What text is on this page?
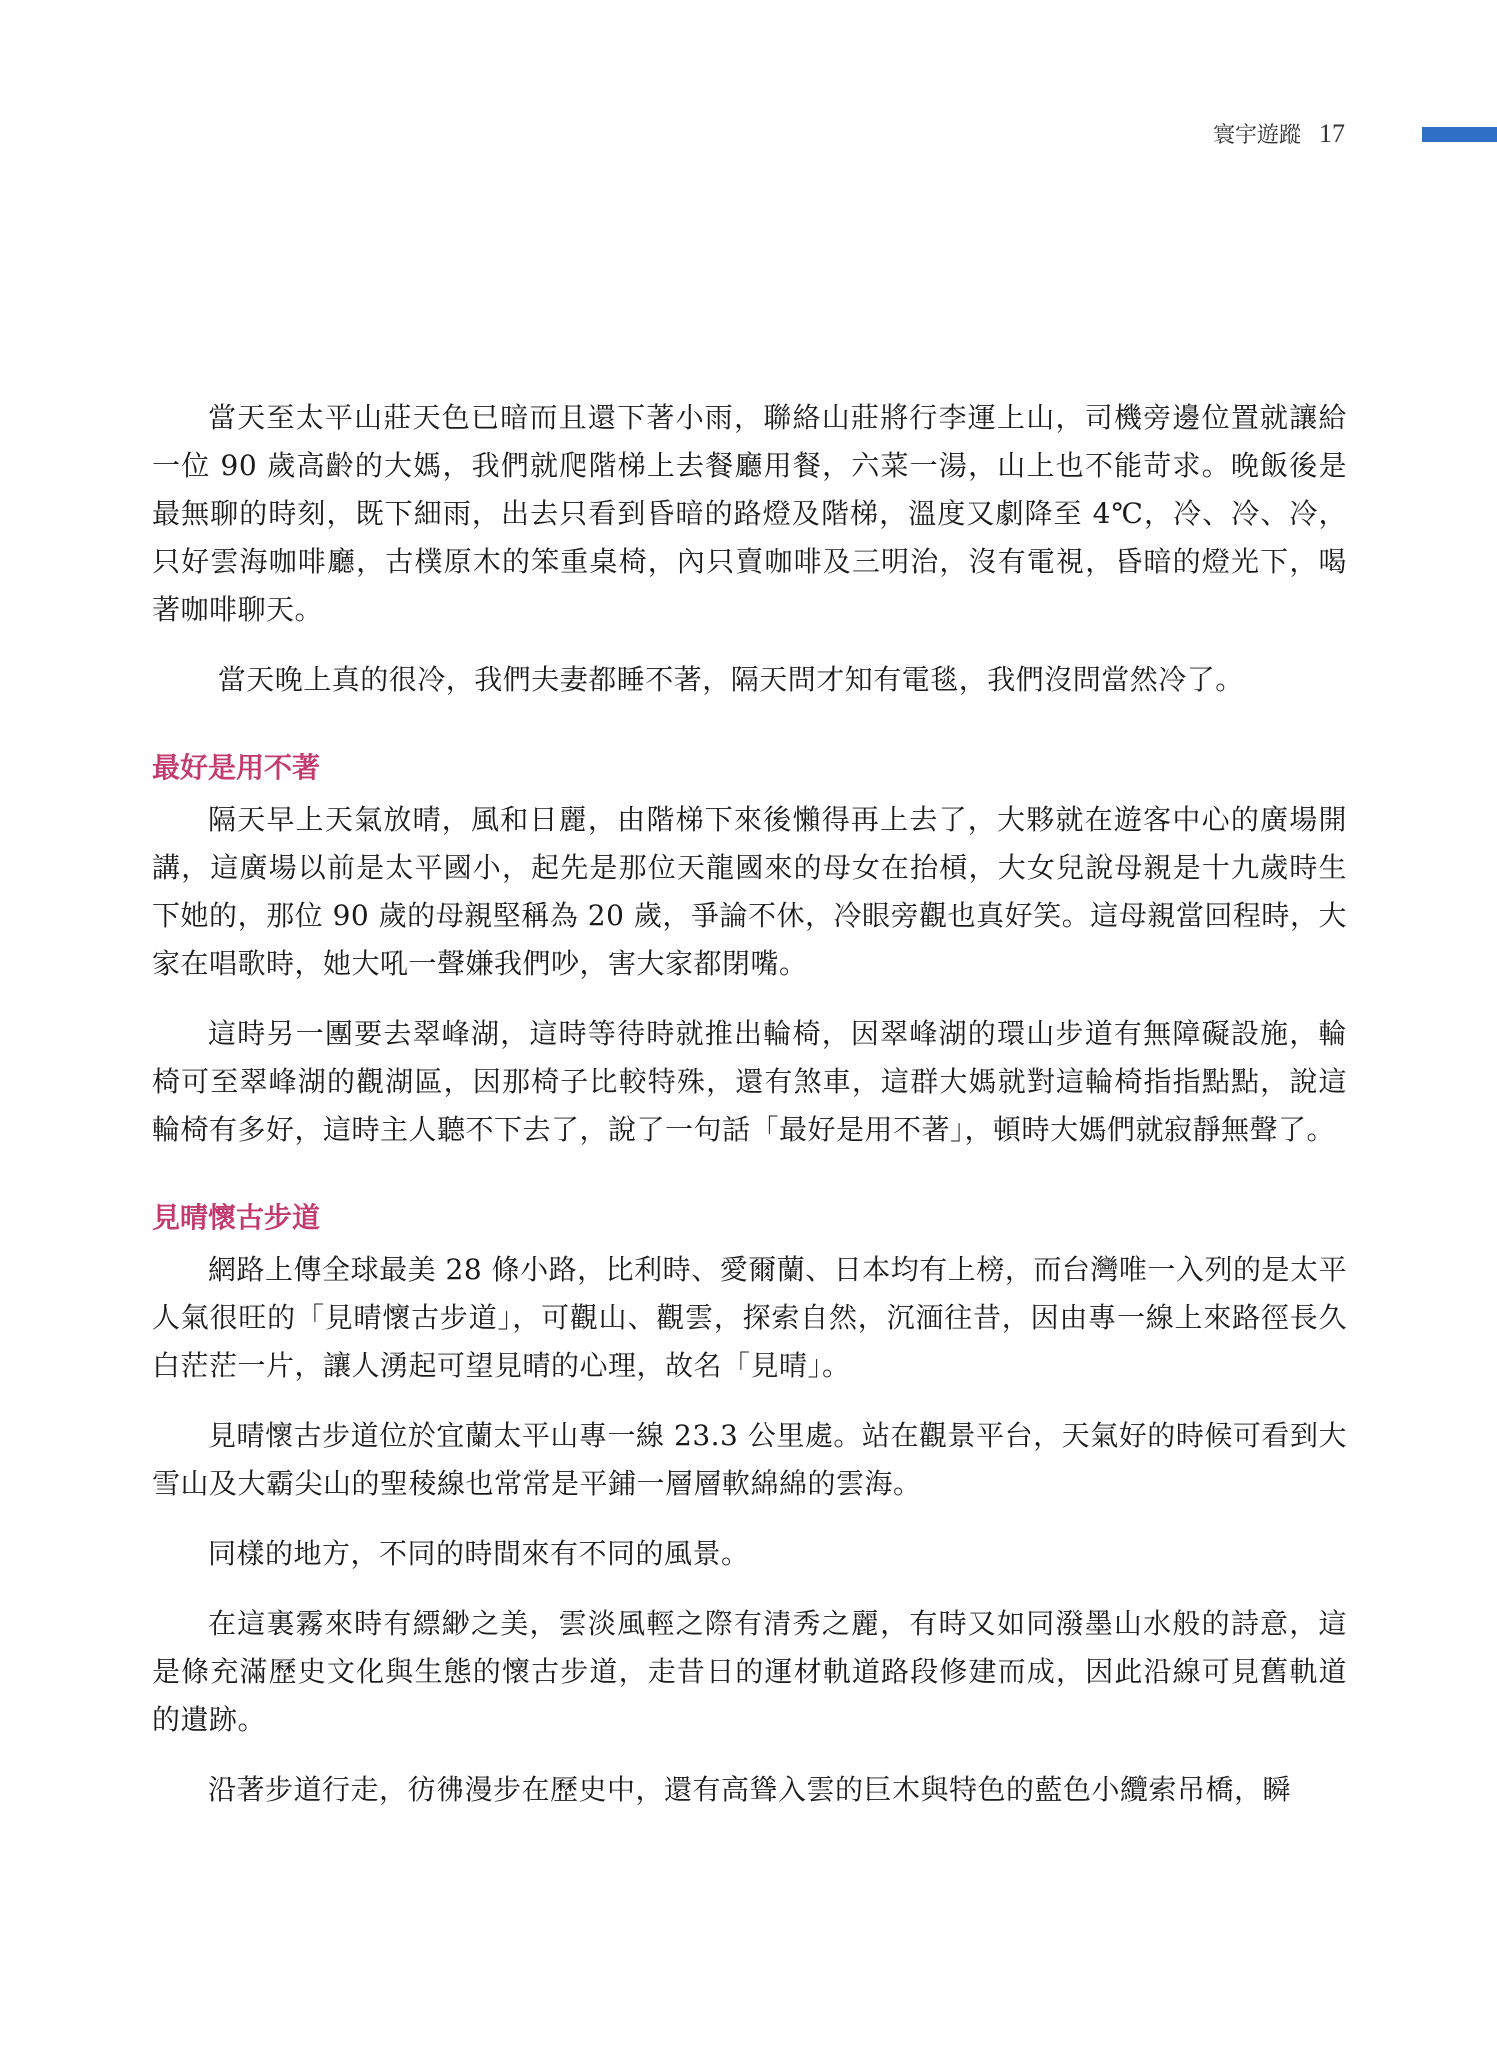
寰宇遊蹤 17

當天至太平山莊天色已暗而且還下著小雨，聯絡山莊將行李運上山，司機旁邊位置就讓給一位 90 歲高齡的大媽，我們就爬階梯上去餐廳用餐，六菜一湯，山上也不能苛求。晚飯後是最無聊的時刻，既下細雨，出去只看到昏暗的路燈及階梯，溫度又劇降至 4℃，冷、冷、冷，只好雲海咖啡廳，古樸原木的笨重桌椅，內只賣咖啡及三明治，沒有電視，昏暗的燈光下，喝著咖啡聊天。

當天晚上真的很冷，我們夫妻都睡不著，隔天問才知有電毯，我們沒問當然冷了。

最好是用不著

隔天早上天氣放晴，風和日麗，由階梯下來後懶得再上去了，大夥就在遊客中心的廣場開講，這廣場以前是太平國小，起先是那位天龍國來的母女在抬槓，大女兒說母親是十九歲時生下她的，那位 90 歲的母親堅稱為 20 歲，爭論不休，冷眼旁觀也真好笑。這母親當回程時，大家在唱歌時，她大吼一聲嫌我們吵，害大家都閉嘴。

這時另一團要去翠峰湖，這時等待時就推出輪椅，因翠峰湖的環山步道有無障礙設施，輪椅可至翠峰湖的觀湖區，因那椅子比較特殊，還有煞車，這群大媽就對這輪椅指指點點，說這輪椅有多好，這時主人聽不下去了，說了一句話「最好是用不著」，頓時大媽們就寂靜無聲了。

見晴懷古步道

網路上傳全球最美 28 條小路，比利時、愛爾蘭、日本均有上榜，而台灣唯一入列的是太平人氣很旺的「見晴懷古步道」，可觀山、觀雲，探索自然，沉湎往昔，因由專一線上來路徑長久白茫茫一片，讓人湧起可望見晴的心理，故名「見晴」。

見晴懷古步道位於宜蘭太平山專一線 23.3 公里處。站在觀景平台，天氣好的時候可看到大雪山及大霸尖山的聖稜線也常常是平鋪一層層軟綿綿的雲海。

同樣的地方，不同的時間來有不同的風景。

在這裏霧來時有縹緲之美，雲淡風輕之際有清秀之麗，有時又如同潑墨山水般的詩意，這是條充滿歷史文化與生態的懷古步道，走昔日的運材軌道路段修建而成，因此沿線可見舊軌道的遺跡。

沿著步道行走，彷彿漫步在歷史中，還有高聳入雲的巨木與特色的藍色小纜索吊橋，瞬
